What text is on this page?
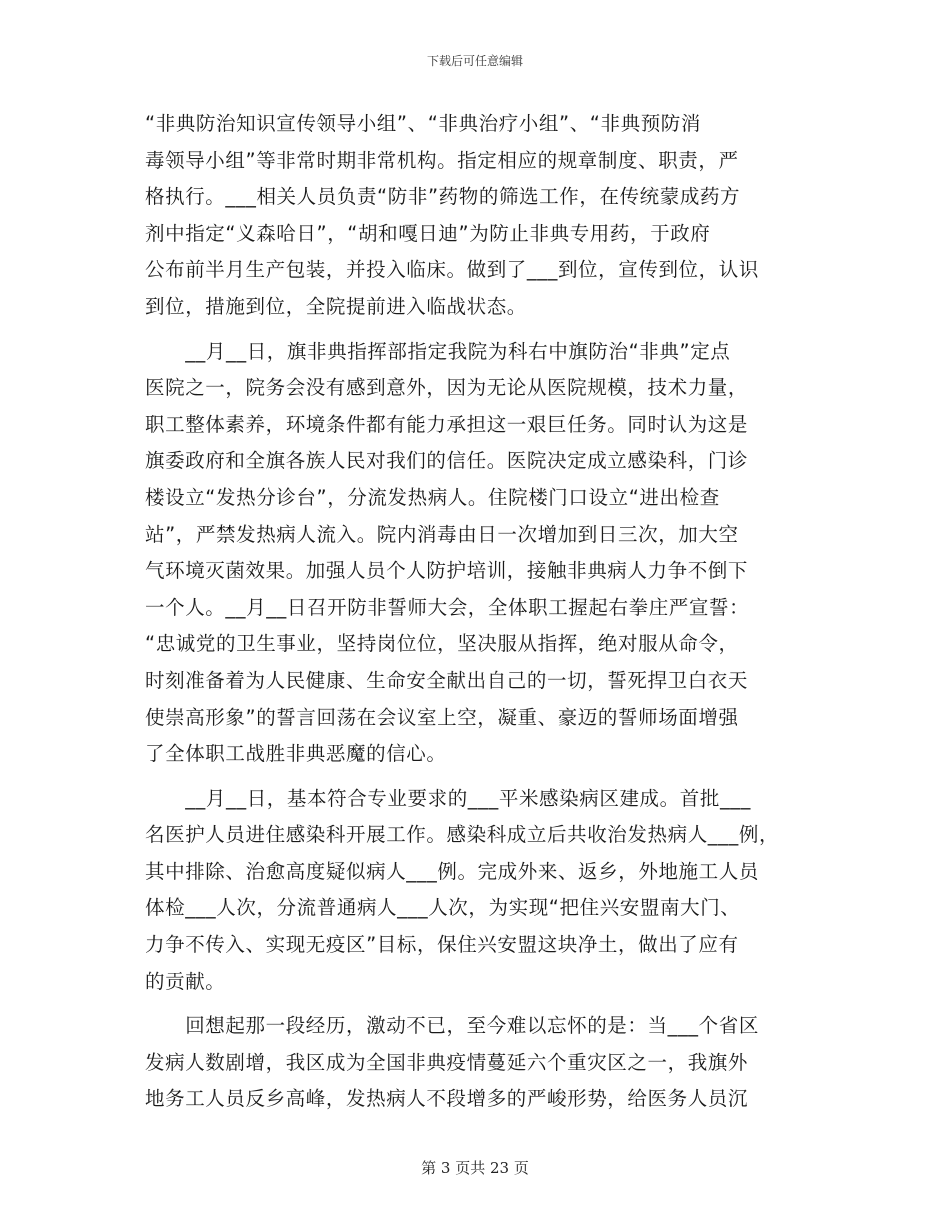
下载后可任意编辑
“非典防治知识宣传领导小组”、“非典治疗小组”、“非典预防消
毒领导小组”等非常时期非常机构。指定相应的规章制度、职责，严
格执行。___相关人员负责“防非”药物的筛选工作，在传统蒙成药方
剂中指定“义森哈日”，“胡和嘎日迪”为防止非典专用药，于政府
公布前半月生产包装，并投入临床。做到了___到位，宣传到位，认识
到位，措施到位，全院提前进入临战状态。
　　__月__日，旗非典指挥部指定我院为科右中旗防治“非典”定点
医院之一，院务会没有感到意外，因为无论从医院规模，技术力量，
职工整体素养，环境条件都有能力承担这一艰巨任务。同时认为这是
旗委政府和全旗各族人民对我们的信任。医院决定成立感染科，门诊
楼设立“发热分诊台”，分流发热病人。住院楼门口设立“进出检查
站”，严禁发热病人流入。院内消毒由日一次增加到日三次，加大空
气环境灭菌效果。加强人员个人防护培训，接触非典病人力争不倒下
一个人。__月__日召开防非誓师大会，全体职工握起右拳庄严宣誓：
“忠诚党的卫生事业，坚持岗位位，坚决服从指挥，绝对服从命令，
时刻准备着为人民健康、生命安全献出自己的一切，誓死捍卫白衣天
使崇高形象”的誓言回荡在会议室上空，凝重、豪迈的誓师场面增强
了全体职工战胜非典恶魔的信心。
　　__月__日，基本符合专业要求的___平米感染病区建成。首批___
名医护人员进住感染科开展工作。感染科成立后共收治发热病人___例，
其中排除、治愈高度疑似病人___例。完成外来、返乡，外地施工人员
体检___人次，分流普通病人___人次，为实现“把住兴安盟南大门、
力争不传入、实现无疫区”目标，保住兴安盟这块净土，做出了应有
的贡献。
　　回想起那一段经历，激动不已，至今难以忘怀的是：当___个省区
发病人数剧增，我区成为全国非典疫情蔓延六个重灾区之一，我旗外
地务工人员反乡高峰，发热病人不段增多的严峻形势，给医务人员沉
第 3 页共 23 页
